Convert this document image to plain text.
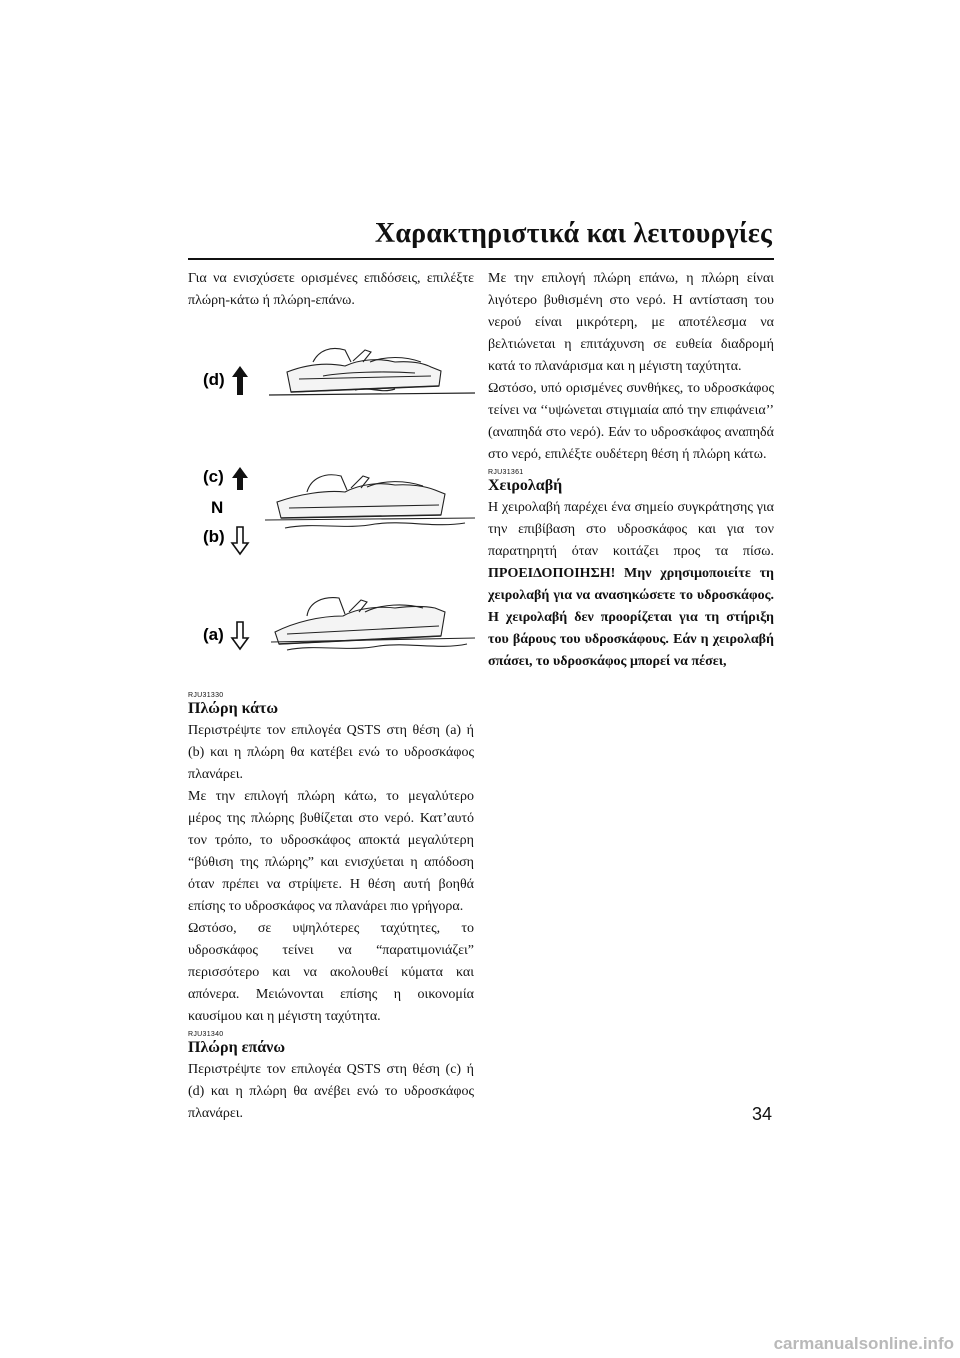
Χαρακτηριστικά και λειτουργίες

Για να ενισχύσετε ορισμένες επιδόσεις, επιλέξτε πλώρη-κάτω ή πλώρη-επάνω.

(d)
(c)
N
(b)
(a)
RJU31330
Πλώρη κάτω

Περιστρέψτε τον επιλογέα QSTS στη θέση (a) ή (b) και η πλώρη θα κατέβει ενώ το υδροσκάφος πλανάρει.

Με την επιλογή πλώρη κάτω, το μεγαλύτερο μέρος της πλώρης βυθίζεται στο νερό. Κατ’αυτό τον τρόπο, το υδροσκάφος αποκτά μεγαλύτερη “βύθιση της πλώρης” και ενισχύεται η απόδοση όταν πρέπει να στρίψετε. Η θέση αυτή βοηθά επίσης το υδροσκάφος να πλανάρει πιο γρήγορα.

Ωστόσο, σε υψηλότερες ταχύτητες, το υδροσκάφος τείνει να “παρατιμονιάζει” περισσότερο και να ακολουθεί κύματα και απόνερα. Μειώνονται επίσης η οικονομία καυσίμου και η μέγιστη ταχύτητα.

RJU31340
Πλώρη επάνω

Περιστρέψτε τον επιλογέα QSTS στη θέση (c) ή (d) και η πλώρη θα ανέβει ενώ το υδροσκάφος πλανάρει.

Με την επιλογή πλώρη επάνω, η πλώρη είναι λιγότερο βυθισμένη στο νερό. Η αντίσταση του νερού είναι μικρότερη, με αποτέλεσμα να βελτιώνεται η επιτάχυνση σε ευθεία διαδρομή κατά το πλανάρισμα και η μέγιστη ταχύτητα.

Ωστόσο, υπό ορισμένες συνθήκες, το υδροσκάφος τείνει να ‘‘υψώνεται στιγμιαία από την επιφάνεια’’ (αναπηδά στο νερό). Εάν το υδροσκάφος αναπηδά στο νερό, επιλέξτε ουδέτερη θέση ή πλώρη κάτω.

RJU31361
Χειρολαβή

Η χειρολαβή παρέχει ένα σημείο συγκράτησης για την επιβίβαση στο υδροσκάφος και για τον παρατηρητή όταν κοιτάζει προς τα πίσω. ΠΡΟΕΙΔΟΠΟΙΗΣΗ! Μην χρησιμοποιείτε τη χειρολαβή για να ανασηκώσετε το υδροσκάφος. Η χειρολαβή δεν προορίζεται για τη στήριξη του βάρους του υδροσκάφους. Εάν η χειρολαβή σπάσει, το υδροσκάφος μπορεί να πέσει,

34
carmanualsonline.info
